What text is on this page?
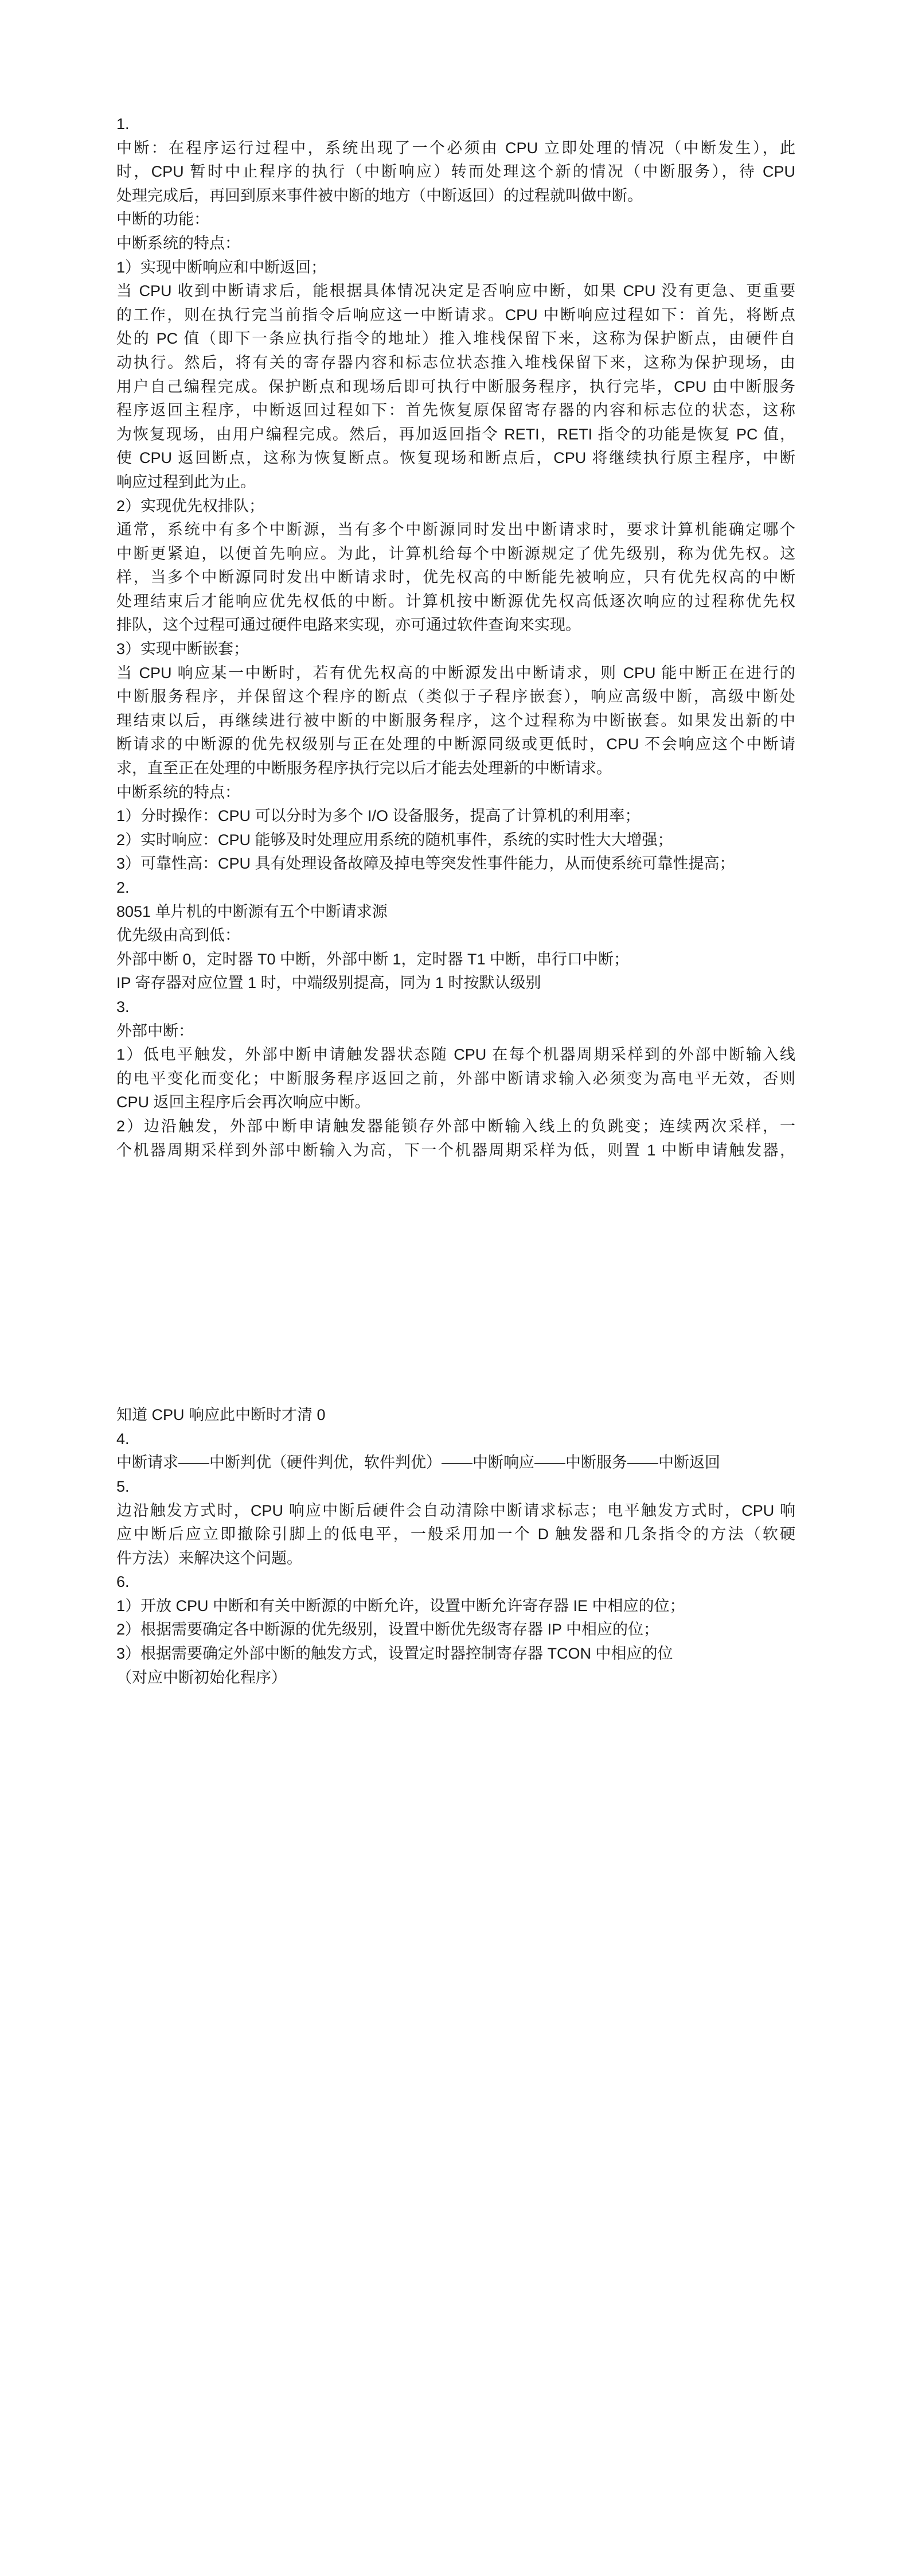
1.
中断：在程序运行过程中，系统出现了一个必须由 CPU 立即处理的情况（中断发生），此
时，CPU 暂时中止程序的执行（中断响应）转而处理这个新的情况（中断服务），待 CPU
处理完成后，再回到原来事件被中断的地方（中断返回）的过程就叫做中断。
中断的功能：
中断系统的特点：
1）实现中断响应和中断返回；
当 CPU 收到中断请求后，能根据具体情况决定是否响应中断，如果 CPU 没有更急、更重要
的工作，则在执行完当前指令后响应这一中断请求。CPU 中断响应过程如下：首先，将断点
处的 PC 值（即下一条应执行指令的地址）推入堆栈保留下来，这称为保护断点，由硬件自
动执行。然后，将有关的寄存器内容和标志位状态推入堆栈保留下来，这称为保护现场，由
用户自己编程完成。保护断点和现场后即可执行中断服务程序，执行完毕，CPU 由中断服务
程序返回主程序，中断返回过程如下：首先恢复原保留寄存器的内容和标志位的状态，这称
为恢复现场，由用户编程完成。然后，再加返回指令 RETI，RETI 指令的功能是恢复 PC 值，
使 CPU 返回断点，这称为恢复断点。恢复现场和断点后，CPU 将继续执行原主程序，中断
响应过程到此为止。
2）实现优先权排队；
通常，系统中有多个中断源，当有多个中断源同时发出中断请求时，要求计算机能确定哪个
中断更紧迫，以便首先响应。为此，计算机给每个中断源规定了优先级别，称为优先权。这
样，当多个中断源同时发出中断请求时，优先权高的中断能先被响应，只有优先权高的中断
处理结束后才能响应优先权低的中断。计算机按中断源优先权高低逐次响应的过程称优先权
排队，这个过程可通过硬件电路来实现，亦可通过软件查询来实现。
3）实现中断嵌套；
当 CPU 响应某一中断时，若有优先权高的中断源发出中断请求，则 CPU 能中断正在进行的
中断服务程序，并保留这个程序的断点（类似于子程序嵌套），响应高级中断，高级中断处
理结束以后，再继续进行被中断的中断服务程序，这个过程称为中断嵌套。如果发出新的中
断请求的中断源的优先权级别与正在处理的中断源同级或更低时，CPU 不会响应这个中断请
求，直至正在处理的中断服务程序执行完以后才能去处理新的中断请求。
中断系统的特点：
1）分时操作：CPU 可以分时为多个 I/O 设备服务，提高了计算机的利用率；
2）实时响应：CPU 能够及时处理应用系统的随机事件，系统的实时性大大增强；
3）可靠性高：CPU 具有处理设备故障及掉电等突发性事件能力，从而使系统可靠性提高；
2.
8051 单片机的中断源有五个中断请求源
优先级由高到低：
外部中断 0，定时器 T0 中断，外部中断 1，定时器 T1 中断，串行口中断；
IP 寄存器对应位置 1 时，中端级别提高，同为 1 时按默认级别
3.
外部中断：
1）低电平触发，外部中断申请触发器状态随 CPU 在每个机器周期采样到的外部中断输入线
的电平变化而变化；中断服务程序返回之前，外部中断请求输入必须变为高电平无效，否则
CPU 返回主程序后会再次响应中断。
2）边沿触发，外部中断申请触发器能锁存外部中断输入线上的负跳变；连续两次采样，一
个机器周期采样到外部中断输入为高，下一个机器周期采样为低，则置 1 中断申请触发器，
知道 CPU 响应此中断时才清 0
4.
中断请求——中断判优（硬件判优，软件判优）——中断响应——中断服务——中断返回
5.
边沿触发方式时，CPU 响应中断后硬件会自动清除中断请求标志；电平触发方式时，CPU 响
应中断后应立即撤除引脚上的低电平，一般采用加一个 D 触发器和几条指令的方法（软硬
件方法）来解决这个问题。
6.
1）开放 CPU 中断和有关中断源的中断允许，设置中断允许寄存器 IE 中相应的位；
2）根据需要确定各中断源的优先级别，设置中断优先级寄存器 IP 中相应的位；
3）根据需要确定外部中断的触发方式，设置定时器控制寄存器 TCON 中相应的位
（对应中断初始化程序）
